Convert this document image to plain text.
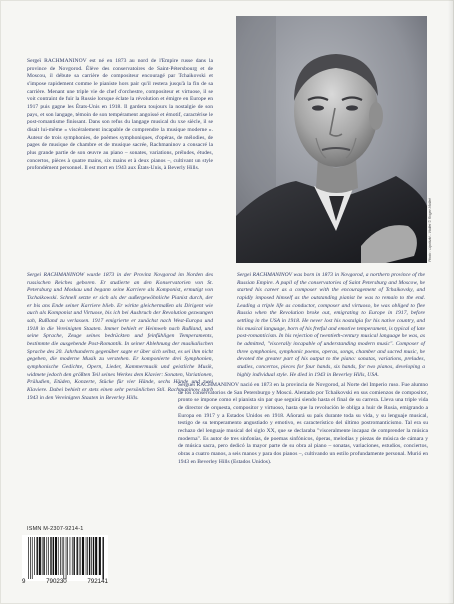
Sergeï RACHMANINOV est né en 1873 au nord de l'Empire russe dans la province de Novgorod. Élève des conservatoires de Saint-Pétersbourg et de Moscou, il débute sa carrière de compositeur encouragé par Tchaikovski et s'impose rapidement comme le pianiste hors pair qu'il restera jusqu'à la fin de sa carrière. Menant une triple vie de chef d'orchestre, compositeur et virtuose, il se voit contraint de fuir la Russie lorsque éclate la révolution et émigre en Europe en 1917 puis gagne les États-Unis en 1918. Il gardera toujours la nostalgie de son pays, et son langage, témoin de son tempérament angoissé et émotif, caractérise le post-romantisme finissant. Dans son refus du langage musical du xxe siècle, il se disait lui-même « viscéralement incapable de comprendre la musique moderne ». Auteur de trois symphonies, de poèmes symphoniques, d'opéras, de mélodies, de pages de musique de chambre et de musique sacrée, Rachmaninov a consacré la plus grande partie de son œuvre au piano – sonates, variations, préludes, études, concertos, pièces à quatre mains, six mains et à deux pianos –, cultivant un style profondément personnel. Il est mort en 1943 aux États-Unis, à Beverly Hills.

Photo : Lipnitzki - Viollet © Roger-Viollet

Sergei RACHMANINOW wurde 1873 in der Provinz Novgorod im Norden des russischen Reiches geboren. Er studierte an den Konservatorien von St. Petersburg und Moskau und begann seine Karriere als Komponist, ermutigt von Tschaikowski. Schnell setzte er sich als der außergewöhnliche Pianist durch, der er bis ans Ende seiner Karriere blieb. Er wirkte gleichermaßen als Dirigent wie auch als Komponist und Virtuose, bis ich bei Ausbruch der Revolution gezwungen sah, Rußland zu verlassen. 1917 emigrierte er zunächst nach West-Europa und 1918 in die Vereinigten Staaten. Immer behielt er Heimweh nach Rußland, und seine Sprache, Zeuge seines bedrückten und feinfühligen Temperaments, bestimmte die ausgehende Post-Romantik. In seiner Ablehnung der musikalischen Sprache des 20. Jahrhunderts gegenüber sagte er über sich selbst, es sei ihm nicht gegeben, die moderne Musik zu verstehen. Er komponierte drei Symphonien, symphonische Gedichte, Opern, Lieder, Kammermusik und geistliche Musik, widmete jedoch den größten Teil seines Werkes dem Klavier: Sonaten, Variationen, Präludien, Etüden, Konzerte, Stücke für vier Hände, sechs Hände und zwei Klaviere. Dabei behielt er stets einen sehr persönlichen Stil. Rachmaninow starb 1943 in den Vereinigten Staaten in Beverley Hills.

Sergei RACHMANINOV was born in 1873 in Novgorod, a northern province of the Russian Empire. A pupil of the conservatories of Saint Petersburg and Moscow, he started his career as a composer with the encouragement of Tchaikovsky, and rapidly imposed himself as the outstanding pianist he was to remain to the end. Leading a triple life as conductor, composer and virtuoso, he was obliged to flee Russia when the Revolution broke out, emigrating to Europe in 1917, before settling in the USA in 1918. He never lost his nostalgia for his native country, and his musical language, born of his fretful and emotive temperament, is typical of late post-romanticism. In his rejection of twentieth-century musical language he was, as he admitted, "viscerally incapable of understanding modern music". Composer of three symphonies, symphonic poems, operas, songs, chamber and sacred music, he devoted the greater part of his output to the piano: sonatas, variations, preludes, studies, concertos, pieces for four hands, six hands, for two pianos, developing a highly individual style. He died in 1943 in Beverley Hills, USA.

Serguei RACHMANINOV nació en 1873 en la provincia de Novgorod, al Norte del Imperio ruso. Fue alumno de los conservatorios de San Petersburgo y Moscú. Alentado por Tchaikovski en sus comienzos de compositor, pronto se impone como el pianista sin par que seguirá siendo hasta el final de su carrera. Lleva una triple vida de director de orquesta, compositor y virtuoso, hasta que la revolución le obliga a huir de Rusia, emigrando a Europa en 1917 y a Estados Unidos en 1918. Añorará su país durante toda su vida, y su lenguaje musical, testigo de su temperamento angustiado y emotivo, es característico del último postromanticismo. Tal era su rechazo del lenguaje musical del siglo XX, que se declaraba "visceralmente incapaz de comprender la música moderna". Es autor de tres sinfonías, de poemas sinfónicos, óperas, melodías y piezas de música de cámara y de música sacra, pero dedicó la mayor parte de su obra al piano – sonatas, variaciones, estudios, conciertos, obras a cuatro manos, a seis manos y para dos pianos –, cultivando un estilo profundamente personal. Murió en 1943 en Beverley Hills (Estados Unidos).

ISMN M-2307-9214-1
9	790230	792141
